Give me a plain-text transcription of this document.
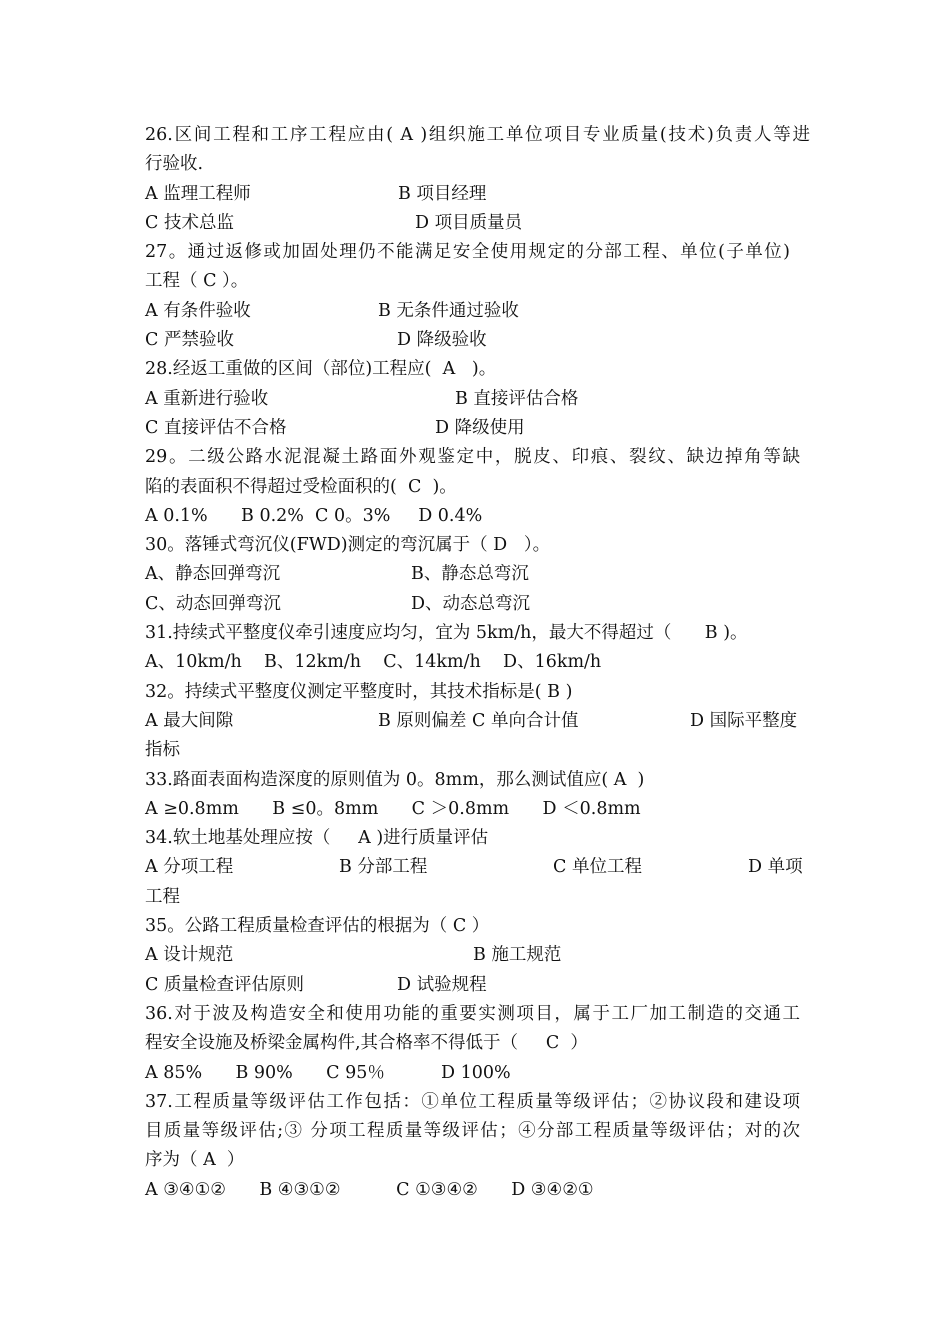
26.区间工程和工序工程应由( A )组织施工单位项目专业质量(技术)负责人等进
行验收.

A 监理工程师

	B 项目经理

C 技术总监

	D 项目质量员

27。通过返修或加固处理仍不能满足安全使用规定的分部工程、单位(子单位)
工程（ C ）。

A 有条件验收

	B 无条件通过验收

C 严禁验收

	D 降级验收

28.经返工重做的区间（部位)工程应(  A   )。

A 重新进行验收

	B 直接评估合格

C 直接评估不合格

	D 降级使用

29。二级公路水泥混凝土路面外观鉴定中，脱皮、印痕、裂纹、缺边掉角等缺
陷的表面积不得超过受检面积的(  C  )。
A 0.1%      B 0.2%  C 0。3%     D 0.4%
30。落锤式弯沉仪(FWD)测定的弯沉属于（ D   ）。

A、静态回弹弯沉

	B、静态总弯沉

C、动态回弹弯沉

	D、动态总弯沉

31.持续式平整度仪牵引速度应均匀，宜为 5km/h，最大不得超过（      B )。
A、10km/h    B、12km/h    C、14km/h    D、16km/h
32。持续式平整度仪测定平整度时，其技术指标是( B )

A 最大间隙

	B 原则偏差 C 单向合计值

	D 国际平整度

指标
33.路面表面构造深度的原则值为 0。8mm，那么测试值应( A  )
A ≥0.8mm      B ≤0。8mm      C ＞0.8mm      D ＜0.8mm
34.软土地基处理应按（     A )进行质量评估

A 分项工程

	B 分部工程

	C 单位工程

	D 单项

工程
35。公路工程质量检查评估的根据为（ C ）

A 设计规范

	B 施工规范

C 质量检查评估原则

	D 试验规程

36.对于波及构造安全和使用功能的重要实测项目，属于工厂加工制造的交通工
程安全设施及桥梁金属构件,其合格率不得低于（     C  ）

A 85%      B 90%      C 95％

	D 100%

37.工程质量等级评估工作包括：①单位工程质量等级评估；②协议段和建设项
目质量等级评估;③ 分项工程质量等级评估；④分部工程质量等级评估；对的次
序为（ A  ）
A ③④①②      B ④③①②          C ①③④②      D ③④②①
